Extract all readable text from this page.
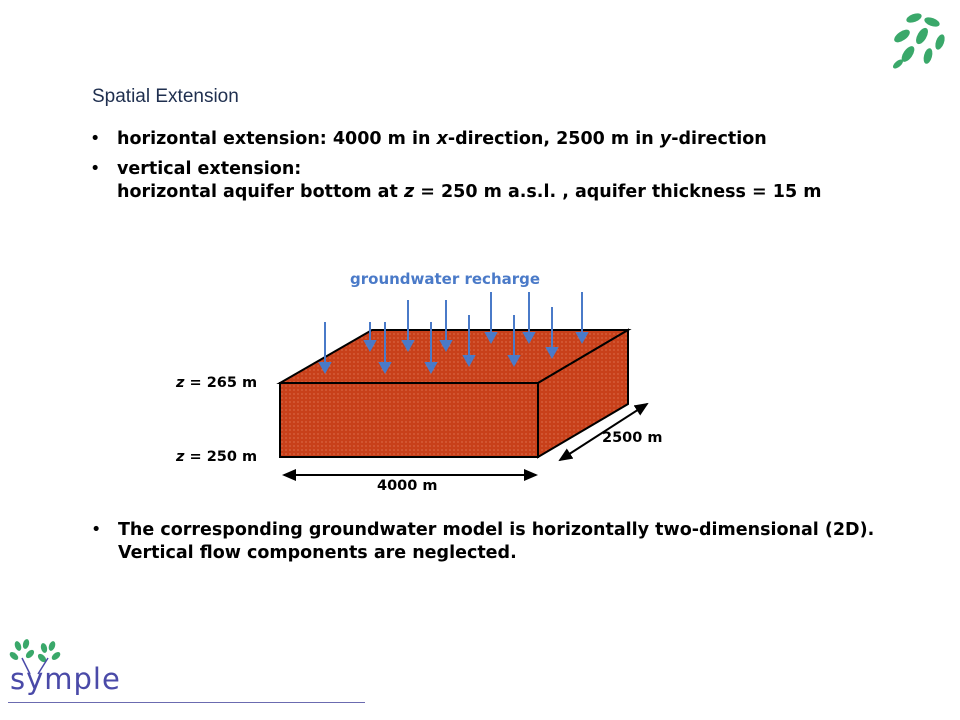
Spatial Extension
• horizontal extension: 4000 m in x-direction, 2500 m in y-direction
• vertical extension:
horizontal aquifer bottom at z = 250 m a.s.l. , aquifer thickness = 15 m
groundwater recharge
z = 265 m
z = 250 m
4000 m
2500 m
• The corresponding groundwater model is horizontally two-dimensional (2D). Vertical flow components are neglected.
symple
